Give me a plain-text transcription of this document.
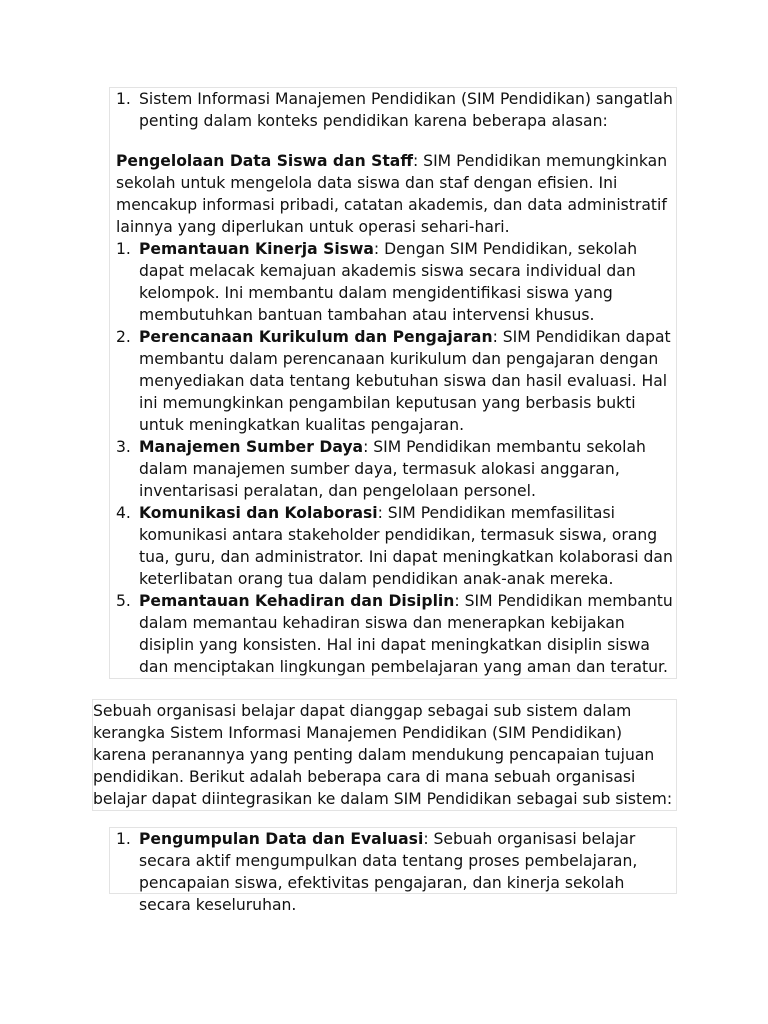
1. Sistem Informasi Manajemen Pendidikan (SIM Pendidikan) sangatlah penting dalam konteks pendidikan karena beberapa alasan:

Pengelolaan Data Siswa dan Staff: SIM Pendidikan memungkinkan sekolah untuk mengelola data siswa dan staf dengan efisien. Ini mencakup informasi pribadi, catatan akademis, dan data administratif lainnya yang diperlukan untuk operasi sehari-hari.

1. Pemantauan Kinerja Siswa: Dengan SIM Pendidikan, sekolah dapat melacak kemajuan akademis siswa secara individual dan kelompok. Ini membantu dalam mengidentifikasi siswa yang membutuhkan bantuan tambahan atau intervensi khusus.
2. Perencanaan Kurikulum dan Pengajaran: SIM Pendidikan dapat membantu dalam perencanaan kurikulum dan pengajaran dengan menyediakan data tentang kebutuhan siswa dan hasil evaluasi. Hal ini memungkinkan pengambilan keputusan yang berbasis bukti untuk meningkatkan kualitas pengajaran.
3. Manajemen Sumber Daya: SIM Pendidikan membantu sekolah dalam manajemen sumber daya, termasuk alokasi anggaran, inventarisasi peralatan, dan pengelolaan personel.
4. Komunikasi dan Kolaborasi: SIM Pendidikan memfasilitasi komunikasi antara stakeholder pendidikan, termasuk siswa, orang tua, guru, dan administrator. Ini dapat meningkatkan kolaborasi dan keterlibatan orang tua dalam pendidikan anak-anak mereka.
5. Pemantauan Kehadiran dan Disiplin: SIM Pendidikan membantu dalam memantau kehadiran siswa dan menerapkan kebijakan disiplin yang konsisten. Hal ini dapat meningkatkan disiplin siswa dan menciptakan lingkungan pembelajaran yang aman dan teratur.

Sebuah organisasi belajar dapat dianggap sebagai sub sistem dalam kerangka Sistem Informasi Manajemen Pendidikan (SIM Pendidikan) karena peranannya yang penting dalam mendukung pencapaian tujuan pendidikan. Berikut adalah beberapa cara di mana sebuah organisasi belajar dapat diintegrasikan ke dalam SIM Pendidikan sebagai sub sistem:

1. Pengumpulan Data dan Evaluasi: Sebuah organisasi belajar secara aktif mengumpulkan data tentang proses pembelajaran, pencapaian siswa, efektivitas pengajaran, dan kinerja sekolah secara keseluruhan.
